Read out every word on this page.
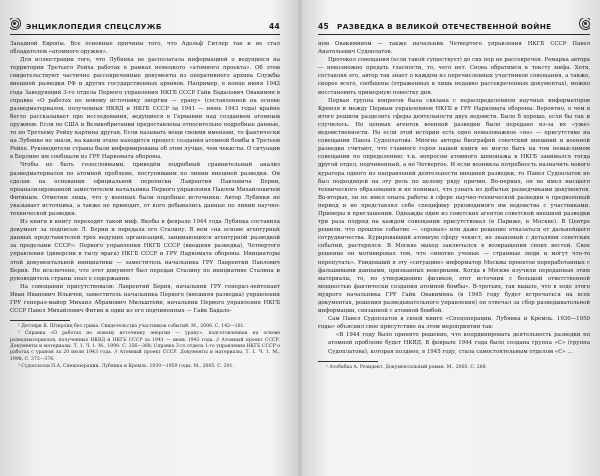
ЭНЦИКЛОПЕДИЯ СПЕЦСЛУЖБ	44

Западной Европы. Все основные причины того, что Адольф Гитлер так и не стал обладателем «атомного оружия».

Для иллюстрации того, что Лубянка не располагала информацией о ведущихся на территории Третьего Рейха работах в рамках немецкого «атомного проекта». Об этом свидетельствуют частично рассекреченные документы из оперативного архива Службы внешней разведки РФ и других государственных архивов. Например, в конце июня 1943 года Заведующий 3-го отдела Первого управления НКГБ СССР Гайк Бадалович Овакимян в справке «О работах по новому источнику энергии — урану» (составленной на основе разведматериалов, полученных НКВД и НКГБ СССР за 1941 — июнь 1943 года) крайне бегло рассказывает про исследования, ведущиеся в Германии над созданием атомным оружием. Если по США и Великобритании предоставлены относительно подробные данные, то по Третьему Рейху картина другая. Если называть вещи своими именами, то фактически на Лубянке не знали, на каком этапе находится процесс создания атомной бомбы в Третьем Рейхе. Руководители страны были информированы об этом лучше, чем чекисты. О ситуации в Берлине им сообщали из ГРУ Наркомата обороны.

Чтобы не быть голословными, приведём подробный сравнительный анализ разведматериалов по атомной проблеме, поступившим по линии внешней разведки. Он сделан на основании официальной переписки Лаврентия Павловича Берии, проанализированной заместителем начальника Первого управления Павлом Михайловичем Фитиным. Отметим лишь, что у военных были подобные источники. Автор Лубянки не указывает источника, а также не приводит, от кого добывались данные по линии научно-технической разведки.

Из книги в книгу переходит такой миф. Якобы в феврале 1944 года Лубянка составила документ за подписью Л. Берии и передала его Сталину. В нем «на основе агентурных данных представителей трех ведущих организаций, занимающихся агентурной разведкой за пределами СССР»: Первого управления НКГБ СССР (внешняя разведка), Четвертого управления (диверсии в тылу врага) НКГБ СССР и ГРУ Наркомата обороны. Инициаторы этой документальной инициативы — заместитель начальника ГРУ Лаврентий Павлович Берия. Не исключено, что этот документ был передан Сталину по инициативе Сталина и руководитель страны знал о содержании.

На совещании присутствовали: Лаврентий Берия, начальник ГРУ генерал-лейтенант Иван Иванович Ильичев, заместитель начальника Первого (внешняя разведка) управления ГРУ генерал-майор Михаил Абрамович Мильштейн, начальник Первого управления НКГБ СССР Павел Михайлович Фитин и один из его подчиненных — Гайк Бадало-

¹ Детлярк К. Штирлиц без грима. Свидетельства участников событий. М., 2006. С. 142—161.

² Справка «О работах по новому источнику энергии — урану», подготовленная на основе разведматериалов, полученных НКВД и НКГБ СССР за 1941 — июнь 1943 года. // Атомный проект СССР. Документы и материалы. Т. 1. Ч. 1. М., 1998. С. 356—368; Справка 3-го отдела 1-го управления НКГБ СССР о работах с ураном за 20 июля 1943 года. // Атомный проект СССР. Документы и материалы. Т. 1. Ч. 1. М., 1998. С. 373—376.

³ Судоплатов П.А. Спецоперации. Лубянка и Кремль. 1930—1950 годы. М., 2005. С. 201.

45 РАЗВЕДКА В ВЕЛИКОЙ ОТЕЧЕСТВЕННОЙ ВОЙНЕ

ном Овакимяном — также начальник Четвертого управления НКГБ СССР Павел Анатольевич Судоплатов.

Протокол совещания (если такой существует) до сих пор не рассекречен. Ремарка автора — невозможно предать гласности, то, чего нет. Снова обратимся к тексту мифа. Хотя, составляя его, автор так знает о каждом из перечисленных участников совещания, а также, скорее всего, сообщены (отраженных в лишь недавно рассекреченных документах), можно восстановить примерную повестку дня.

Первая группа вопросов была связана с нераспределением научных информаторов Кремля и между Первым управлением НКГБ и ГРУ Наркомата обороны. Вероятно, о чем в итоге решили разделить сферы деятельности двух ведомств. Было б хорошо, если бы так и случилось. Но ценных агентов военной разведки было передано из-за их «уже» ведомственности. Но если этой истории есть одно немаловажное «но» — присутствие на совещании Павла Судоплатова. Многие авторы биографий советский внешний и военной разведки считают, что главного героя нашей книги не могло быть на том немыслимом совещании по определению: т.к. вопросом атомного шпионажа в НКГБ занимался тогда другой отдел, подчиненный, а не Четвертое. И если возникла потребность назначить нового куратора одного из направлений деятельности внешней разведки, то Павел Судоплатов не был подходящей на эту роль по целому ряду причин. Во-первых, он не имел высшего технического образования и не понимал, что узнать из добытых разведчиками документов. Во-вторых, он не имел опыта работы в сфере научно-технической разведки в предвоенный период и не представлял себе специфику руководимого им ведомства с участниками. Примеры в приглашении. Однажды один из советских агентов советской внешней разведки три раза подряд на каждом совещании присутствовал (в Париже, в Москве). В Центре решили, что прошлое событие — «провал» или даже решение отказаться от дальнейшего сотрудничества. Курировавший атомную сферу чекист, не знакомый с деталями советских событий, растерялся. В Москве выход заключался в возвращении своих вестей. Свое решение он мотивировал тем, что «многие ученые — странные люди и могут что-то перепутать». Увидевший в эту «ситуацию» информатор Москвы проектов переработанных с фальшивыми данными, признанных неверными. Когда в Москве изучили переданные этим материалы, то, по утверждению физиков, этот источник с большой ответственной мощностью фактически создания атомной бомбы». В-третьих, так вышло, что в ходе этого мудрого начальника ГРУ Гайк Овакимяна (в 1945 году будет встречаться на всех документах, решения разведывательного управления) он отвечал за сбор разведывательной информации, связанной с атомной бомбой.

Сам Павел Судоплатов в своей книге «Спецоперации. Лубянка и Кремль. 1930—1950 годы» объяснил свое присутствие на этом мероприятии так:

«В 1944 году было принято решение, что координировать деятельность разведки по атомной проблеме будет НКВД. В феврале 1944 года было создана группа «С» (группа Судоплатова), которая позднее, в 1945 году, стала самостоятельным отделом «С» ...

¹ Атобабка А. Резидент. Документальный роман. М., 2005. С. 268.
